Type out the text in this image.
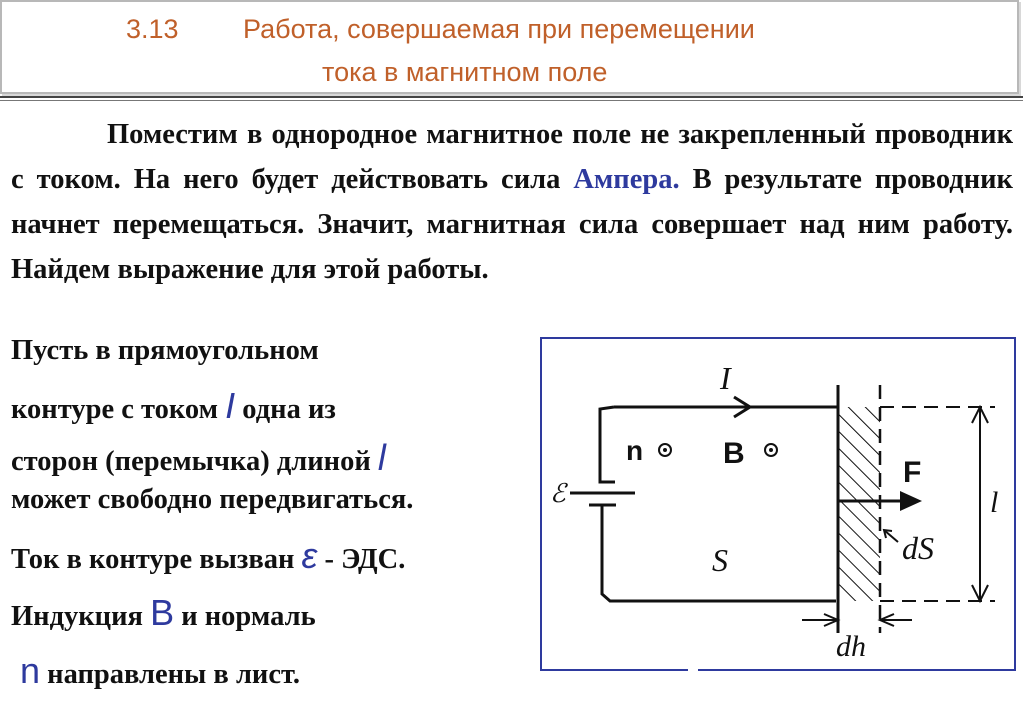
3.13 Работа, совершаемая при перемещении
тока в магнитном поле
Поместим в однородное магнитное поле не закрепленный проводник с током. На него будет действовать сила Ампера. В результате проводник начнет перемещаться. Значит, магнитная сила совершает над ним работу. Найдем выражение для этой работы.
Пусть в прямоугольном
контуре с током I одна из
сторон (перемычка) длиной l
может свободно передвигаться.
Ток в контуре вызван ε - ЭДС.
Индукция B и нормаль
n направлены в лист.
I
n	B
F
ℰ
S	dS
l
dh
